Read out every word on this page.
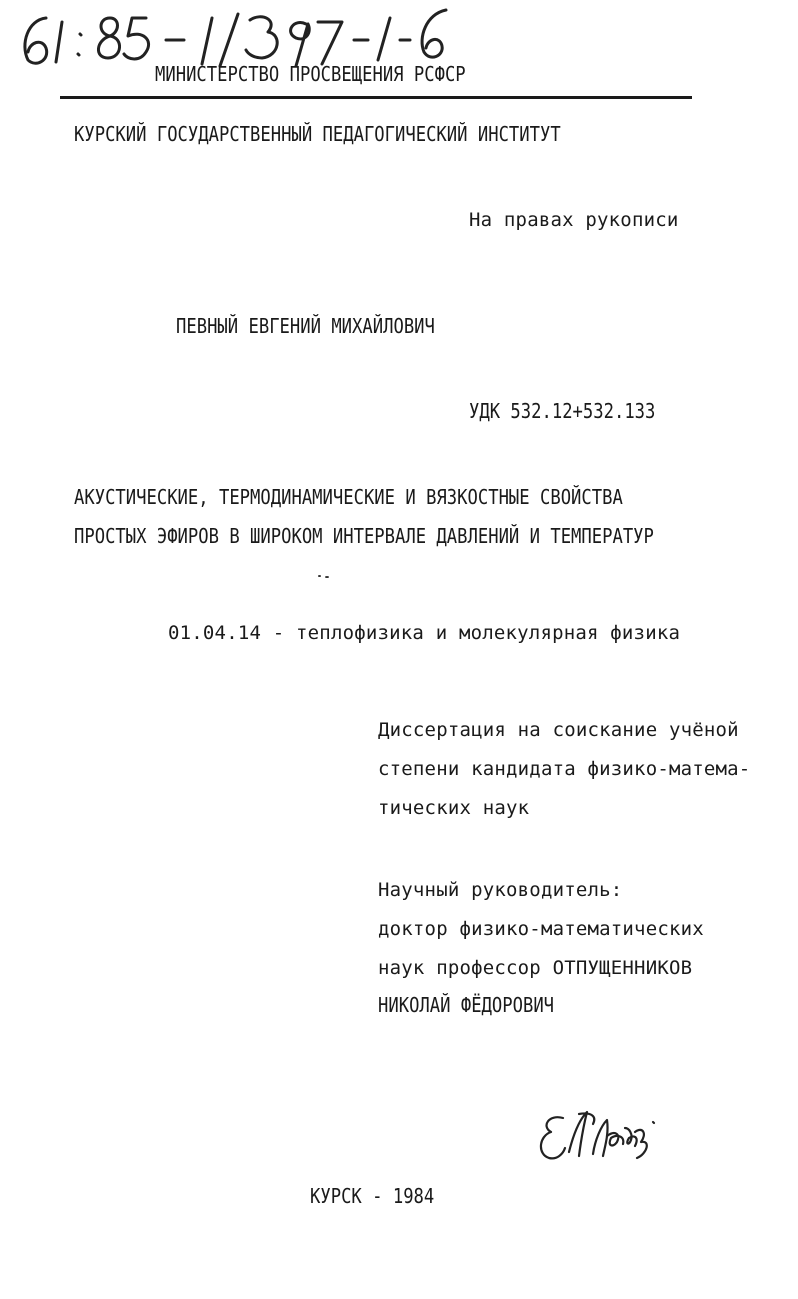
МИНИСТЕРСТВО ПРОСВЕЩЕНИЯ РСФСР
КУРСКИЙ ГОСУДАРСТВЕННЫЙ ПЕДАГОГИЧЕСКИЙ ИНСТИТУТ
На правах рукописи
ПЕВНЫЙ ЕВГЕНИЙ МИХАЙЛОВИЧ
УДК 532.12+532.133
АКУСТИЧЕСКИЕ, ТЕРМОДИНАМИЧЕСКИЕ И ВЯЗКОСТНЫЕ СВОЙСТВА
ПРОСТЫХ ЭФИРОВ В ШИРОКОМ ИНТЕРВАЛЕ ДАВЛЕНИЙ И ТЕМПЕРАТУР
01.04.14 - теплофизика и молекулярная физика
Диссертация на соискание учёной
степени кандидата физико-матема-
тических наук
Научный руководитель:
доктор физико-математических
наук профессор ОТПУЩЕННИКОВ
НИКОЛАЙ ФЁДОРОВИЧ
КУРСК - 1984
